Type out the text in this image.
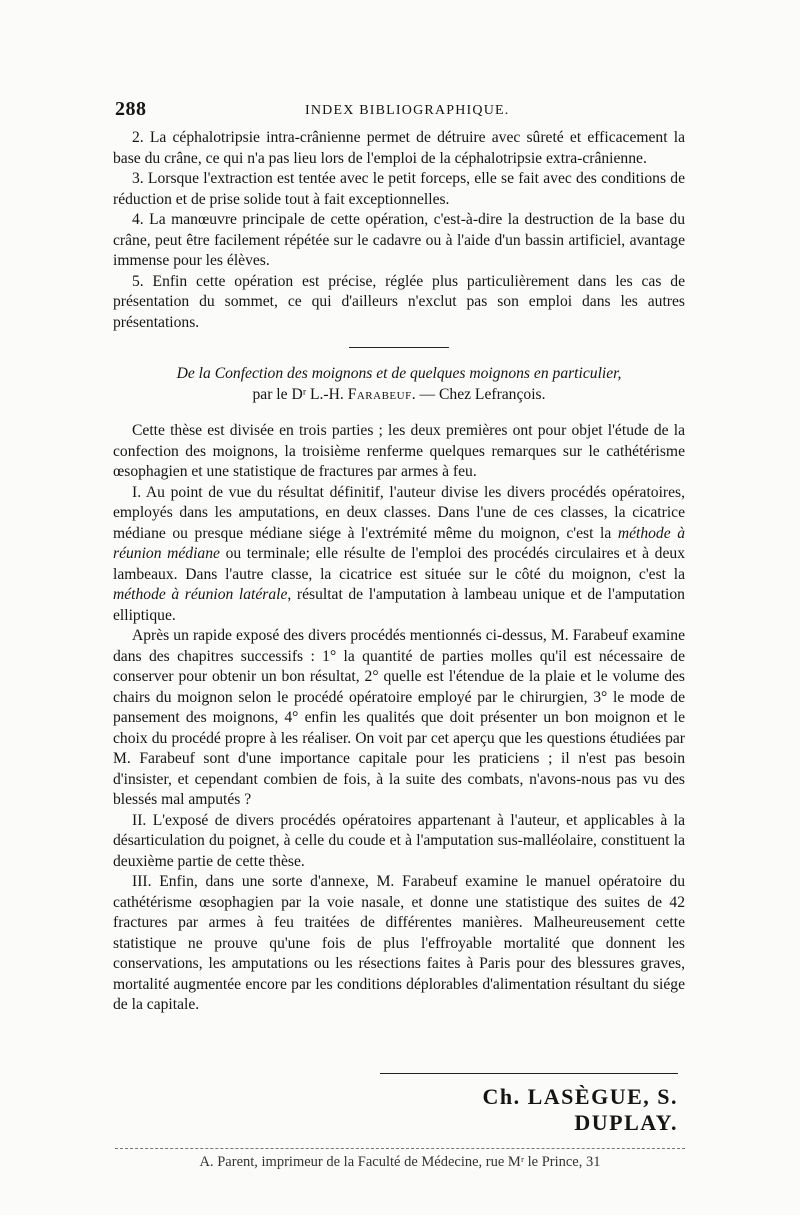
288	INDEX BIBLIOGRAPHIQUE.

2. La céphalotripsie intra-crânienne permet de détruire avec sûreté et efficacement la base du crâne, ce qui n'a pas lieu lors de l'emploi de la céphalotripsie extra-crânienne.

3. Lorsque l'extraction est tentée avec le petit forceps, elle se fait avec des conditions de réduction et de prise solide tout à fait exceptionnelles.

4. La manœuvre principale de cette opération, c'est-à-dire la destruction de la base du crâne, peut être facilement répétée sur le cadavre ou à l'aide d'un bassin artificiel, avantage immense pour les élèves.

5. Enfin cette opération est précise, réglée plus particulièrement dans les cas de présentation du sommet, ce qui d'ailleurs n'exclut pas son emploi dans les autres présentations.

De la Confection des moignons et de quelques moignons en particulier,

par le Dʳ L.-H. Farabeuf. — Chez Lefrançois.

Cette thèse est divisée en trois parties ; les deux premières ont pour objet l'étude de la confection des moignons, la troisième renferme quelques remarques sur le cathétérisme œsophagien et une statistique de fractures par armes à feu.

I. Au point de vue du résultat définitif, l'auteur divise les divers procédés opératoires, employés dans les amputations, en deux classes. Dans l'une de ces classes, la cicatrice médiane ou presque médiane siége à l'extrémité même du moignon, c'est la méthode à réunion médiane ou terminale; elle résulte de l'emploi des procédés circulaires et à deux lambeaux. Dans l'autre classe, la cicatrice est située sur le côté du moignon, c'est la méthode à réunion latérale, résultat de l'amputation à lambeau unique et de l'amputation elliptique.

Après un rapide exposé des divers procédés mentionnés ci-dessus, M. Farabeuf examine dans des chapitres successifs : 1° la quantité de parties molles qu'il est nécessaire de conserver pour obtenir un bon résultat, 2° quelle est l'étendue de la plaie et le volume des chairs du moignon selon le procédé opératoire employé par le chirurgien, 3° le mode de pansement des moignons, 4° enfin les qualités que doit présenter un bon moignon et le choix du procédé propre à les réaliser. On voit par cet aperçu que les questions étudiées par M. Farabeuf sont d'une importance capitale pour les praticiens ; il n'est pas besoin d'insister, et cependant combien de fois, à la suite des combats, n'avons-nous pas vu des blessés mal amputés ?

II. L'exposé de divers procédés opératoires appartenant à l'auteur, et applicables à la désarticulation du poignet, à celle du coude et à l'amputation sus-malléolaire, constituent la deuxième partie de cette thèse.

III. Enfin, dans une sorte d'annexe, M. Farabeuf examine le manuel opératoire du cathétérisme œsophagien par la voie nasale, et donne une statistique des suites de 42 fractures par armes à feu traitées de différentes manières. Malheureusement cette statistique ne prouve qu'une fois de plus l'effroyable mortalité que donnent les conservations, les amputations ou les résections faites à Paris pour des blessures graves, mortalité augmentée encore par les conditions déplorables d'alimentation résultant du siége de la capitale.

Ch. LASÈGUE, S. DUPLAY.
A. Parent, imprimeur de la Faculté de Médecine, rue Mʳ le Prince, 31
